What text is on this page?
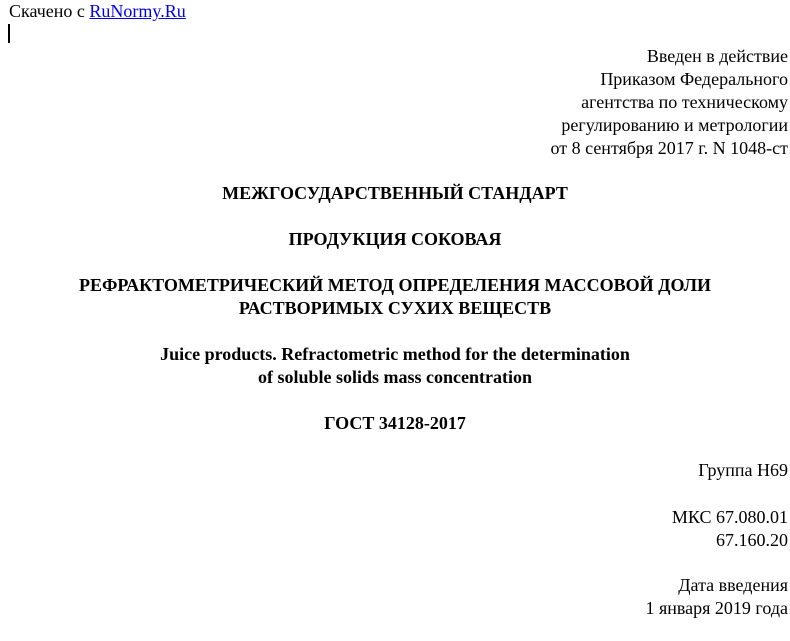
Скачено с RuNormy.Ru
Введен в действие
Приказом Федерального
агентства по техническому
регулированию и метрологии
от 8 сентября 2017 г. N 1048-ст
МЕЖГОСУДАРСТВЕННЫЙ СТАНДАРТ
ПРОДУКЦИЯ СОКОВАЯ
РЕФРАКТОМЕТРИЧЕСКИЙ МЕТОД ОПРЕДЕЛЕНИЯ МАССОВОЙ ДОЛИ
РАСТВОРИМЫХ СУХИХ ВЕЩЕСТВ
Juice products. Refractometric method for the determination
of soluble solids mass concentration
ГОСТ 34128-2017
Группа Н69
МКС 67.080.01
67.160.20
Дата введения
1 января 2019 года
